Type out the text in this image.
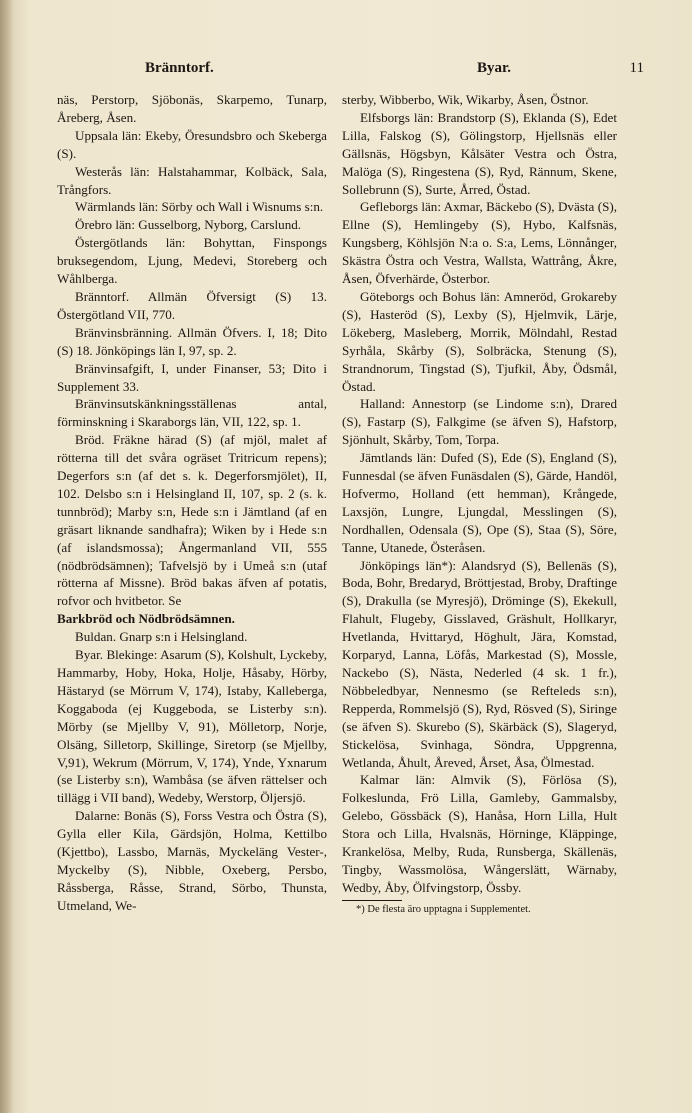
Bränntorf.	Byar.	11

näs, Perstorp, Sjöbonäs, Skarpemo, Tunarp, Åreberg, Åsen.

Uppsala län: Ekeby, Öresundsbro och Skeberga (S).

Westerås län: Halstahammar, Kolbäck, Sala, Trångfors.

Wärmlands län: Sörby och Wall i Wisnums s:n.

Örebro län: Gusselborg, Nyborg, Carslund.

Östergötlands län: Bohyttan, Finspongs bruksegendom, Ljung, Medevi, Storeberg och Wåhlberga.

Bränntorf. Allmän Öfversigt (S) 13. Östergötland VII, 770.

Bränvinsbränning. Allmän Öfvers. I, 18; Dito (S) 18. Jönköpings län I, 97, sp. 2.

Bränvinsafgift, I, under Finanser, 53; Dito i Supplement 33.

Bränvinsutskänkningsställenas antal, förminskning i Skaraborgs län, VII, 122, sp. 1.

Bröd. Fräkne härad (S) (af mjöl, malet af rötterna till det svåra ogräset Tritricum repens); Degerfors s:n (af det s. k. Degerforsmjölet), II, 102. Delsbo s:n i Helsingland II, 107, sp. 2 (s. k. tunnbröd); Marby s:n, Hede s:n i Jämtland (af en gräsart liknande sandhafra); Wiken by i Hede s:n (af islandsmossa); Ångermanland VII, 555 (nödbrödsämnen); Tafvelsjö by i Umeå s:n (utaf rötterna af Missne). Bröd bakas äfven af potatis, rofvor och hvitbetor. Se

Barkbröd och Nödbrödsämnen.

Buldan. Gnarp s:n i Helsingland.

Byar. Blekinge: Asarum (S), Kolshult, Lyckeby, Hammarby, Hoby, Hoka, Holje, Håsaby, Hörby, Hästaryd (se Mörrum V, 174), Istaby, Kalleberga, Koggaboda (ej Kuggeboda, se Listerby s:n). Mörby (se Mjellby V, 91), Mölletorp, Norje, Olsäng, Silletorp, Skillinge, Siretorp (se Mjellby, V,91), Wekrum (Mörrum, V, 174), Ynde, Yxnarum (se Listerby s:n), Wambåsa (se äfven rättelser och tillägg i VII band), Wedeby, Werstorp, Öljersjö.

Dalarne: Bonäs (S), Forss Vestra och Östra (S), Gylla eller Kila, Gärdsjön, Holma, Kettilbo (Kjettbo), Lassbo, Marnäs, Myckeläng Vester-, Myckelby (S), Nibble, Oxeberg, Persbo, Råssberga, Råsse, Strand, Sörbo, Thunsta, Utmeland, We-

sterby, Wibberbo, Wik, Wikarby, Åsen, Östnor.

Elfsborgs län: Brandstorp (S), Eklanda (S), Edet Lilla, Falskog (S), Gölingstorp, Hjellsnäs eller Gällsnäs, Högsbyn, Kålsäter Vestra och Östra, Malöga (S), Ringestena (S), Ryd, Rännum, Skene, Sollebrunn (S), Surte, Årred, Östad.

Gefleborgs län: Axmar, Bäckebo (S), Dvästa (S), Ellne (S), Hemlingeby (S), Hybo, Kalfsnäs, Kungsberg, Köhlsjön N:a o. S:a, Lems, Lönnånger, Skästra Östra och Vestra, Wallsta, Wattrång, Åkre, Åsen, Öfverhärde, Österbor.

Göteborgs och Bohus län: Amneröd, Grokareby (S), Hasteröd (S), Lexby (S), Hjelmvik, Lärje, Lökeberg, Masleberg, Morrik, Mölndahl, Restad Syrhåla, Skårby (S), Solbräcka, Stenung (S), Strandnorum, Tingstad (S), Tjufkil, Åby, Ödsmål, Östad.

Halland: Annestorp (se Lindome s:n), Drared (S), Fastarp (S), Falkgime (se äfven S), Hafstorp, Sjönhult, Skårby, Tom, Torpa.

Jämtlands län: Dufed (S), Ede (S), England (S), Funnesdal (se äfven Funäsdalen (S), Gärde, Handöl, Hofvermo, Holland (ett hemman), Krångede, Laxsjön, Lungre, Ljungdal, Messlingen (S), Nordhallen, Odensala (S), Ope (S), Staa (S), Söre, Tanne, Utanede, Österåsen.

Jönköpings län*): Alandsryd (S), Bellenäs (S), Boda, Bohr, Bredaryd, Bröttjestad, Broby, Draftinge (S), Drakulla (se Myresjö), Dröminge (S), Ekekull, Flahult, Flugeby, Gisslaved, Gräshult, Hollkaryr, Hvetlanda, Hvittaryd, Höghult, Jära, Komstad, Korparyd, Lanna, Löfås, Markestad (S), Mossle, Nackebo (S), Nästa, Nederled (4 sk. 1 fr.), Nöbbeledbyar, Nennesmo (se Refteleds s:n), Repperda, Rommelsjö (S), Ryd, Rösved (S), Siringe (se äfven S). Skurebo (S), Skärbäck (S), Slageryd, Stickelösa, Svinhaga, Söndra, Uppgrenna, Wetlanda, Åhult, Åreved, Årset, Åsa, Ölmestad.

Kalmar län: Almvik (S), Förlösa (S), Folkeslunda, Frö Lilla, Gamleby, Gammalsby, Gelebo, Gössbäck (S), Hanåsa, Horn Lilla, Hult Stora och Lilla, Hvalsnäs, Hörninge, Kläppinge, Krankelösa, Melby, Ruda, Runsberga, Skällenäs, Tingby, Wassmolösa, Wångerslätt, Wärnaby, Wedby, Åby, Ölfvingstorp, Össby.

*) De flesta äro upptagna i Supplementet.
